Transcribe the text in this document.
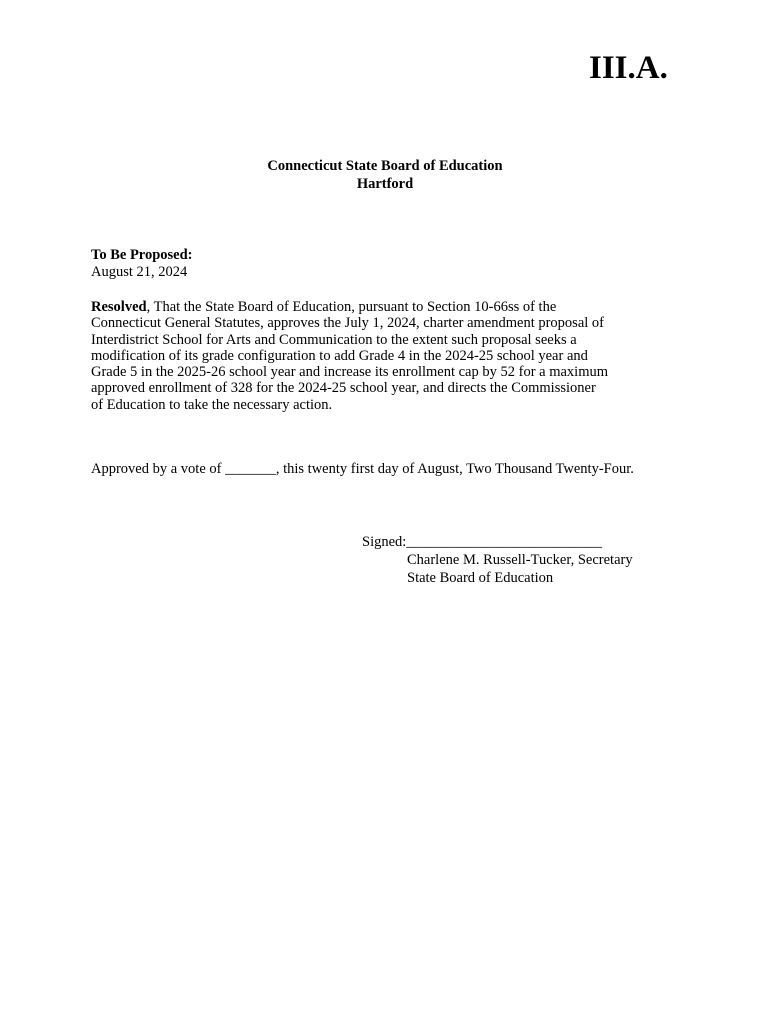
III.A.
Connecticut State Board of Education
Hartford
To Be Proposed:
August 21, 2024
Resolved, That the State Board of Education, pursuant to Section 10-66ss of the
Connecticut General Statutes, approves the July 1, 2024, charter amendment proposal of
Interdistrict School for Arts and Communication to the extent such proposal seeks a
modification of its grade configuration to add Grade 4 in the 2024-25 school year and
Grade 5 in the 2025-26 school year and increase its enrollment cap by 52 for a maximum
approved enrollment of 328 for the 2024-25 school year, and directs the Commissioner
of Education to take the necessary action.
Approved by a vote of _______, this twenty first day of August, Two Thousand Twenty-Four.
Signed:___________________________
Charlene M. Russell-Tucker, Secretary
State Board of Education
